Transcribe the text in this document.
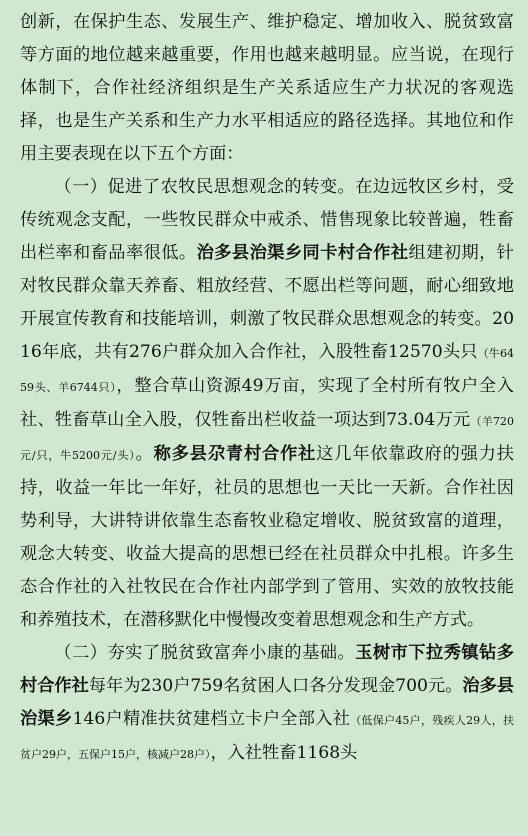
创新，在保护生态、发展生产、维护稳定、增加收入、脱贫致富等方面的地位越来越重要，作用也越来越明显。应当说，在现行体制下，合作社经济组织是生产关系适应生产力状况的客观选择，也是生产关系和生产力水平相适应的路径选择。其地位和作用主要表现在以下五个方面：

（一）促进了农牧民思想观念的转变。在边远牧区乡村，受传统观念支配，一些牧民群众中戒杀、惜售现象比较普遍，牲畜出栏率和畜品率很低。治多县治渠乡同卡村合作社组建初期，针对牧民群众靠天养畜、粗放经营、不愿出栏等问题，耐心细致地开展宣传教育和技能培训，刺激了牧民群众思想观念的转变。2016年底，共有276户群众加入合作社，入股牲畜12570头只（牛6459头、羊6744只），整合草山资源49万亩，实现了全村所有牧户全入社、牲畜草山全入股，仅牲畜出栏收益一项达到73.04万元（羊720元/只，牛5200元/头）。称多县尕青村合作社这几年依靠政府的强力扶持，收益一年比一年好，社员的思想也一天比一天新。合作社因势利导，大讲特讲依靠生态畜牧业稳定增收、脱贫致富的道理，观念大转变、收益大提高的思想已经在社员群众中扎根。许多生态合作社的入社牧民在合作社内部学到了管用、实效的放牧技能和养殖技术，在潜移默化中慢慢改变着思想观念和生产方式。

（二）夯实了脱贫致富奔小康的基础。玉树市下拉秀镇钻多村合作社每年为230户759名贫困人口各分发现金700元。治多县治渠乡146户精准扶贫建档立卡户全部入社（低保户45户，残疾人29人，扶贫户29户，五保户15户，核减户28户），入社牲畜1168头
